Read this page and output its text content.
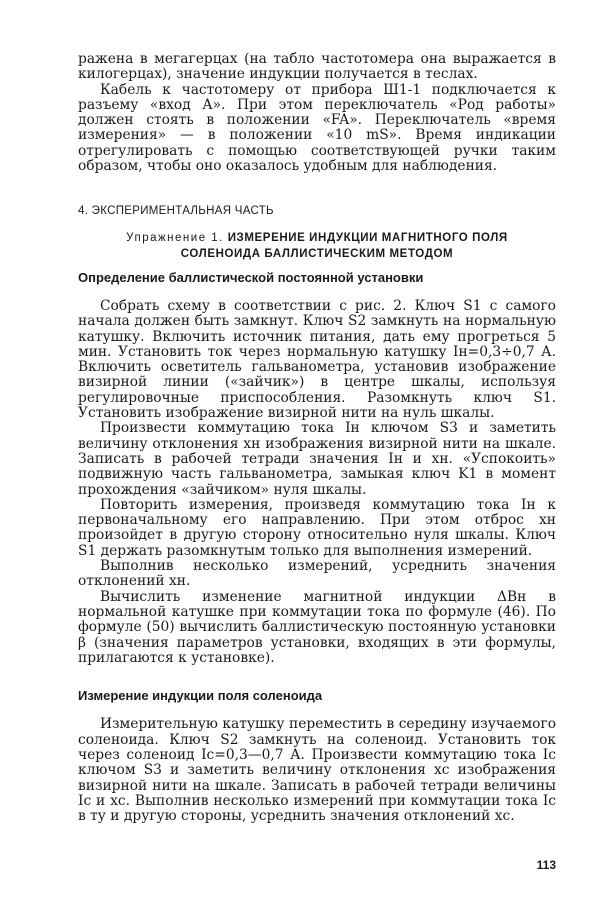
ражена в мегагерцах (на табло частотомера она выражается в килогерцах), значение индукции получается в теслах.

Кабель к частотомеру от прибора Ш1-1 подключается к разъему «вход А». При этом переключатель «Род работы» должен стоять в положении «FA». Переключатель «время измерения» — в положении «10 mS». Время индикации отрегулировать с помощью соответствующей ручки таким образом, чтобы оно оказалось удобным для наблюдения.

4. ЭКСПЕРИМЕНТАЛЬНАЯ ЧАСТЬ
Упражнение 1. ИЗМЕРЕНИЕ ИНДУКЦИИ МАГНИТНОГО ПОЛЯ
СОЛЕНОИДА БАЛЛИСТИЧЕСКИМ МЕТОДОМ
Определение баллистической постоянной установки

Собрать схему в соответствии с рис. 2. Ключ S1 с самого начала должен быть замкнут. Ключ S2 замкнуть на нормальную катушку. Включить источник питания, дать ему прогреться 5 мин. Установить ток через нормальную катушку Iн=0,3÷0,7 А. Включить осветитель гальванометра, установив изображение визирной линии («зайчик») в центре шкалы, используя регулировочные приспособления. Разомкнуть ключ S1. Установить изображение визирной нити на нуль шкалы.

Произвести коммутацию тока Iн ключом S3 и заметить величину отклонения xн изображения визирной нити на шкале. Записать в рабочей тетради значения Iн и xн. «Успокоить» подвижную часть гальванометра, замыкая ключ K1 в момент прохождения «зайчиком» нуля шкалы.

Повторить измерения, произведя коммутацию тока Iн к первоначальному его направлению. При этом отброс xн произойдет в другую сторону относительно нуля шкалы. Ключ S1 держать разомкнутым только для выполнения измерений.

Выполнив несколько измерений, усреднить значения отклонений xн.

Вычислить изменение магнитной индукции ΔBн в нормальной катушке при коммутации тока по формуле (46). По формуле (50) вычислить баллистическую постоянную установки β (значения параметров установки, входящих в эти формулы, прилагаются к установке).

Измерение индукции поля соленоида

Измерительную катушку переместить в середину изучаемого соленоида. Ключ S2 замкнуть на соленоид. Установить ток через соленоид Iс=0,3—0,7 А. Произвести коммутацию тока Iс ключом S3 и заметить величину отклонения xс изображения визирной нити на шкале. Записать в рабочей тетради величины Iс и xс. Выполнив несколько измерений при коммутации тока Iс в ту и другую стороны, усреднить значения отклонений xс.

113
